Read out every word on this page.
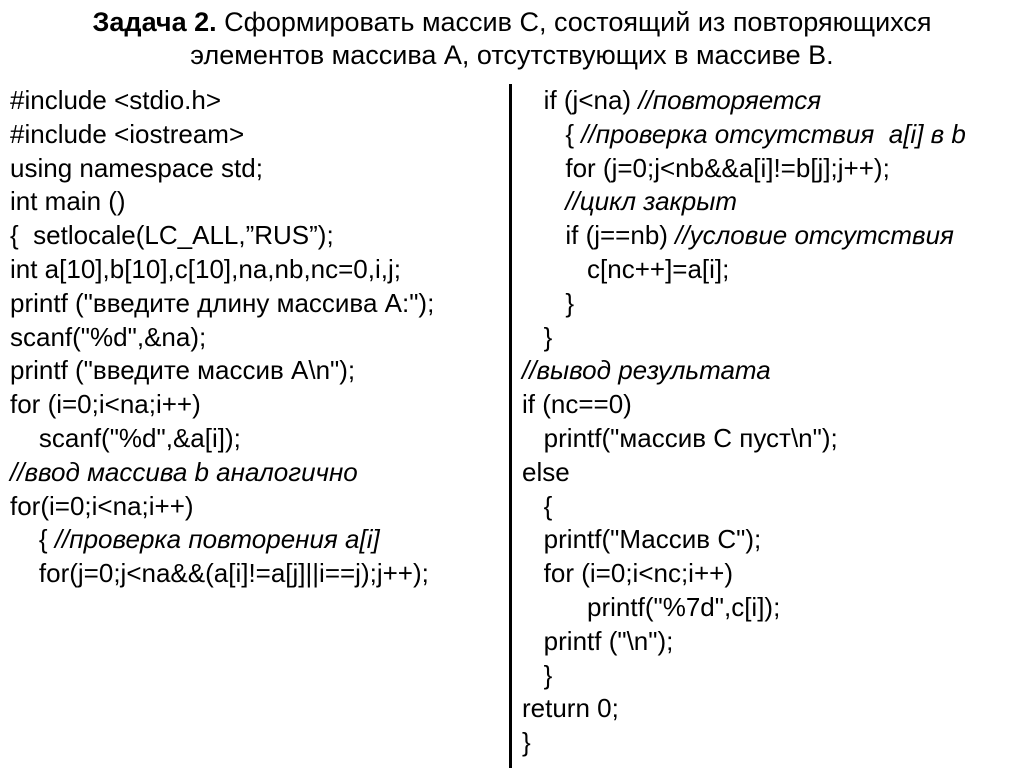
Задача 2. Сформировать массив С, состоящий из повторяющихся
элементов массива А, отсутствующих в массиве В.
#include <stdio.h>
#include <iostream>
using namespace std;
int main ()
{  setlocale(LC_ALL,”RUS”);
int a[10],b[10],c[10],na,nb,nc=0,i,j;
printf ("введите длину массива А:");
scanf("%d",&na);
printf ("введите массив А\n");
for (i=0;i<na;i++)
scanf("%d",&a[i]);
//ввод массива b аналогично
for(i=0;i<na;i++)
{ //проверка повторения a[i]
for(j=0;j<na&&(a[i]!=a[j]||i==j);j++);
if (j<na) //повторяется
{ //проверка отсутствия  a[i] в b
for (j=0;j<nb&&a[i]!=b[j];j++);
//цикл закрыт
if (j==nb) //условие отсутствия
c[nc++]=a[i];
}
}
//вывод результата
if (nc==0)
printf("массив С пуст\n");
else
{
printf("Массив С");
for (i=0;i<nc;i++)
printf("%7d",c[i]);
printf ("\n");
}
return 0;
}
